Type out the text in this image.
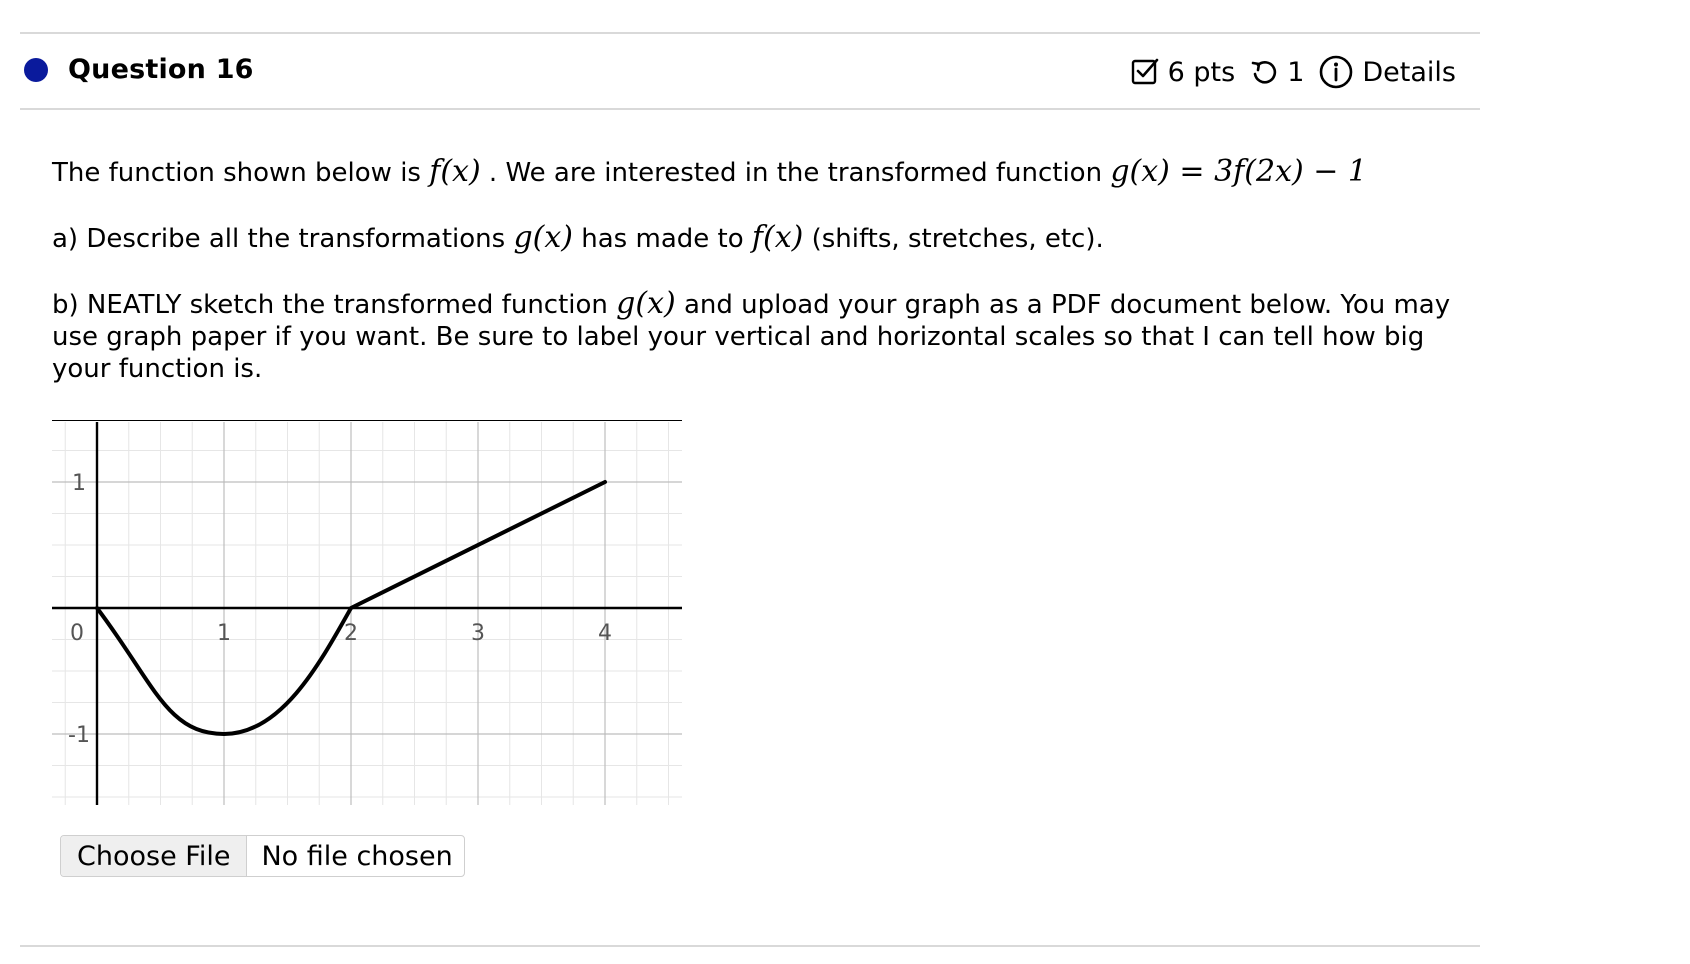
Question 16	6 pts 1 Details

The function shown below is f(x) . We are interested in the transformed function g(x) = 3f(2x) − 1

a) Describe all the transformations g(x) has made to f(x) (shifts, stretches, etc).

b) NEATLY sketch the transformed function g(x) and upload your graph as a PDF document below. You may use graph paper if you want. Be sure to label your vertical and horizontal scales so that I can tell how big your function is.

0	1	2	3	4
1
-1
Choose File	No file chosen
